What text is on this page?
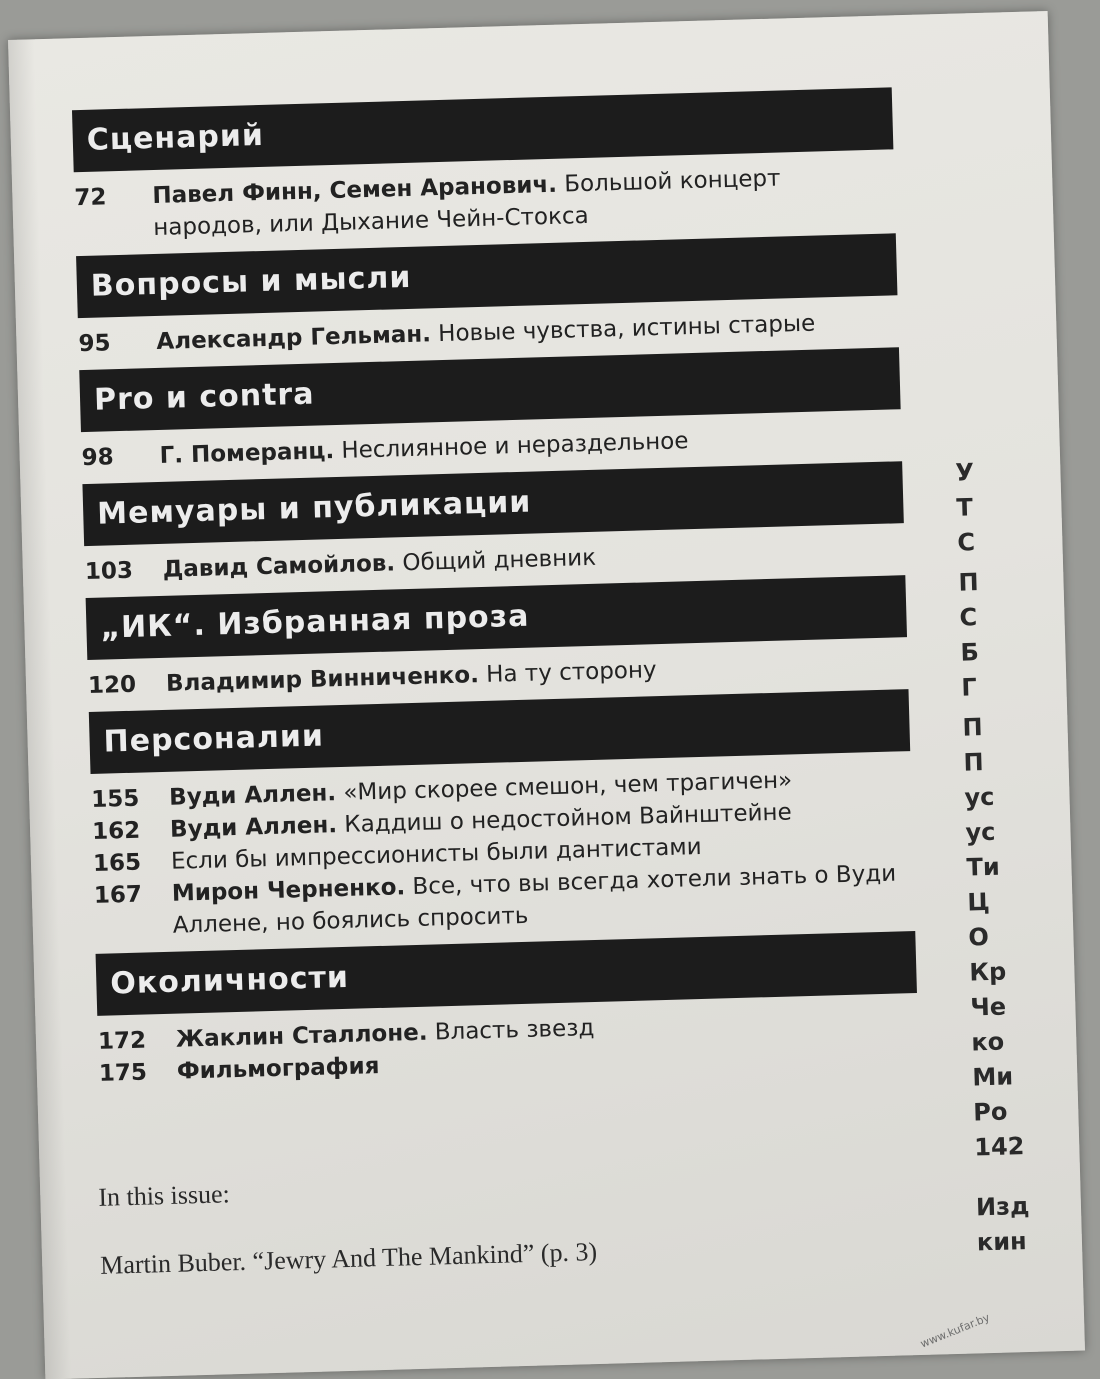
Сценарий
72	Павел Финн, Семен Аранович. Большой концерт народов, или Дыхание Чейн-Стокса
Вопросы и мысли
95	Александр Гельман. Новые чувства, истины старые
Pro и contra
98	Г. Померанц. Неслиянное и нераздельное
Мемуары и публикации
103	Давид Самойлов. Общий дневник
„ИК“. Избранная проза
120	Владимир Винниченко. На ту сторону
Персоналии
155	Вуди Аллен. «Мир скорее смешон, чем трагичен»
162	Вуди Аллен. Каддиш о недостойном Вайнштейне
165	Если бы импрессионисты были дантистами
167	Мирон Черненко. Все, что вы всегда хотели знать о Вуди Аллене, но боялись спросить
Околичности
172	Жаклин Сталлоне. Власть звезд
175	Фильмография
In this issue:
Martin Buber. “Jewry And The Mankind” (p. 3)
У
Т
С
П
С
Б
Г
П
П
ус
ус
Ти
Ц
О
Кр
Че
ко
Ми
Ро
142
Изд
кин
www.kufar.by
